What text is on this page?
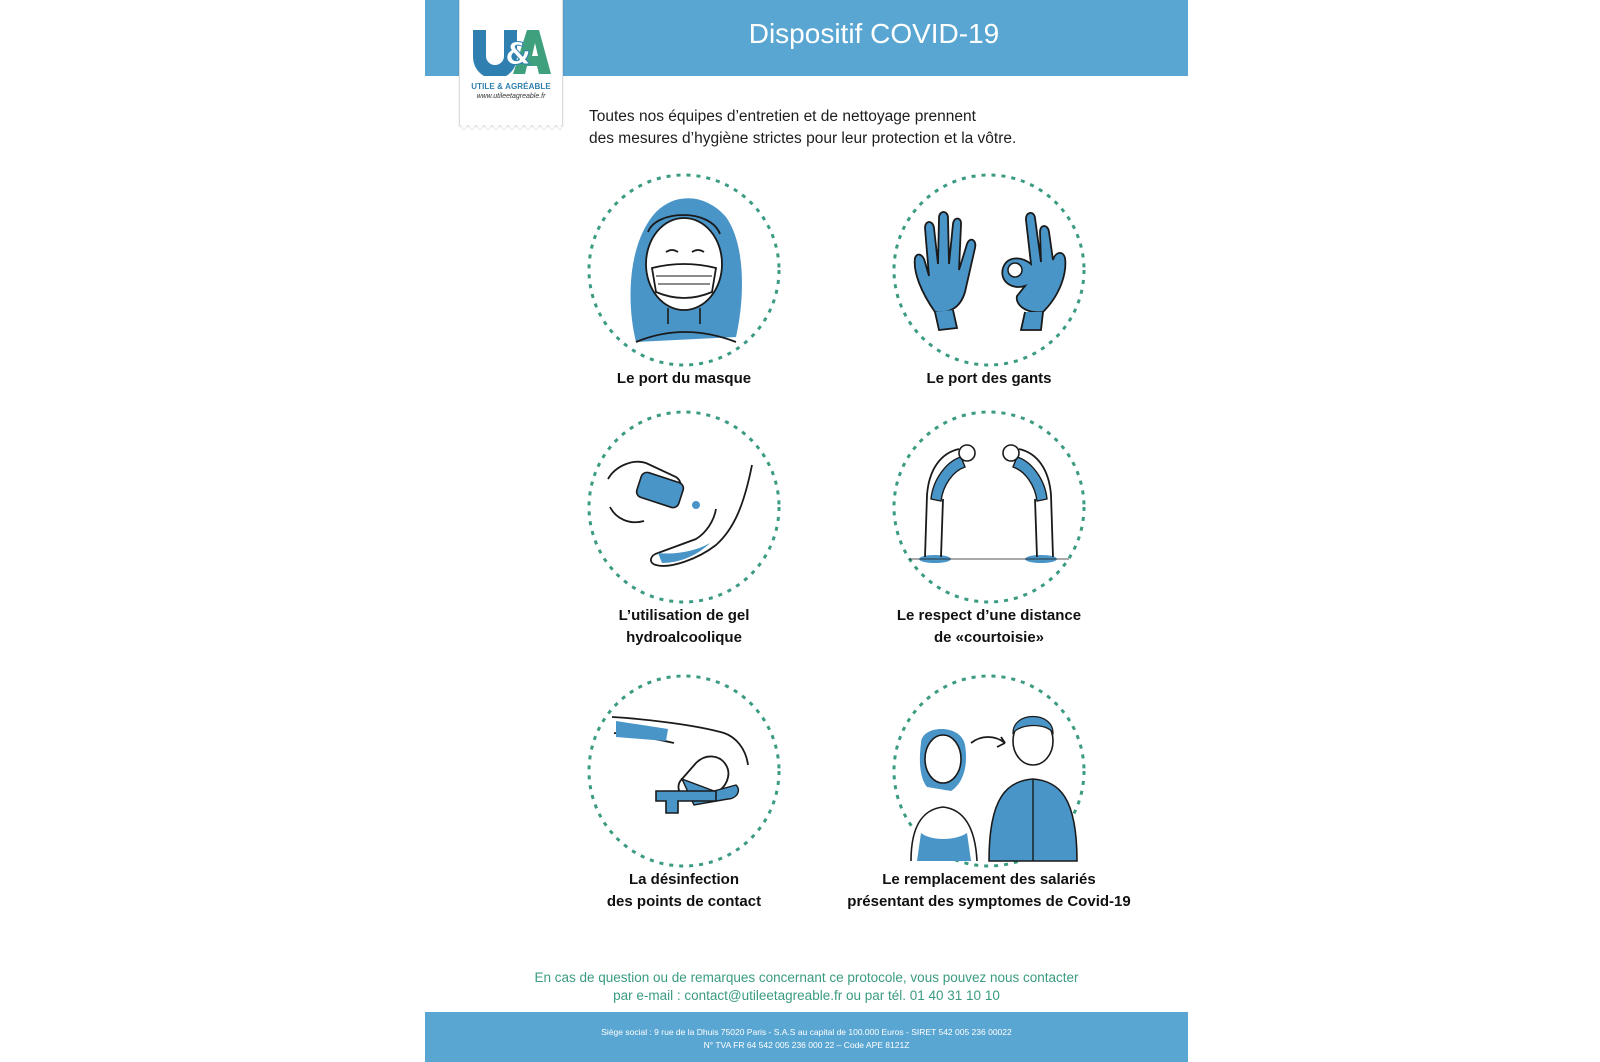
Dispositif COVID-19
&
UTILE & AGRÉABLE
www.utileetagreable.fr
Toutes nos équipes d’entretien et de nettoyage prennent
des mesures d’hygiène strictes pour leur protection et la vôtre.
Le port du masque	Le port des gants
L’utilisation de gel
hydroalcoolique
Le respect d’une distance
de «courtoisie»
La désinfection
des points de contact
Le remplacement des salariés
présentant des symptomes de Covid-19
En cas de question ou de remarques concernant ce protocole, vous pouvez nous contacter
par e-mail : contact@utileetagreable.fr ou par tél. 01 40 31 10 10
Siège social : 9 rue de la Dhuis 75020 Paris - S.A.S au capital de 100.000 Euros - SIRET 542 005 236 00022
N° TVA FR 64 542 005 236 000 22 – Code APE 8121Z
